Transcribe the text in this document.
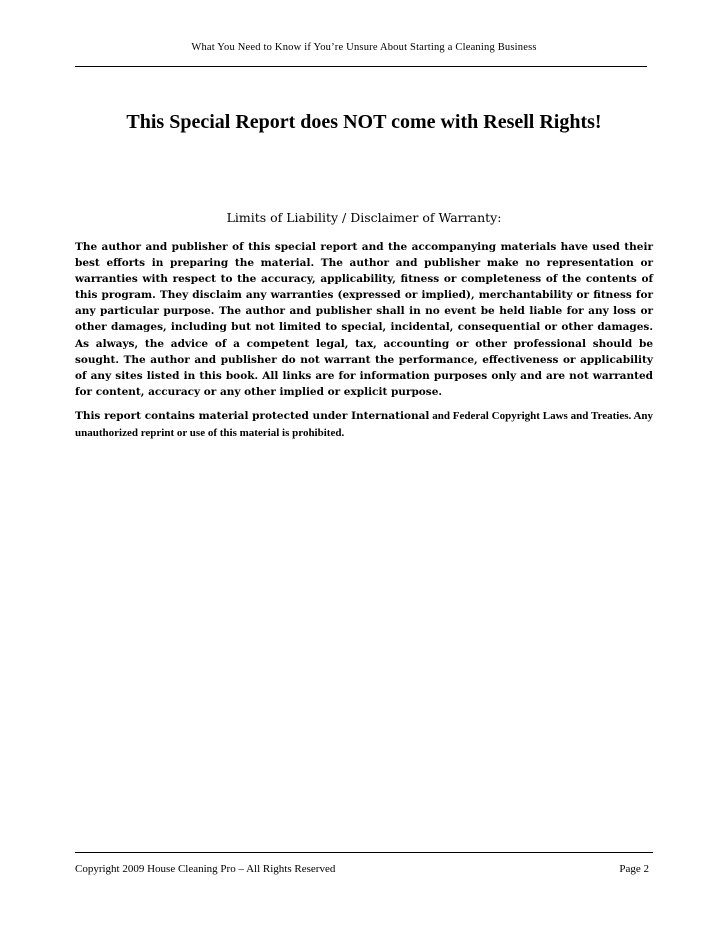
What You Need to Know if You’re Unsure About Starting a Cleaning Business
This Special Report does NOT come with Resell Rights!
Limits of Liability / Disclaimer of Warranty:

The author and publisher of this special report and the accompanying materials have used their best efforts in preparing the material. The author and publisher make no representation or warranties with respect to the accuracy, applicability, fitness or completeness of the contents of this program. They disclaim any warranties (expressed or implied), merchantability or fitness for any particular purpose. The author and publisher shall in no event be held liable for any loss or other damages, including but not limited to special, incidental, consequential or other damages. As always, the advice of a competent legal, tax, accounting or other professional should be sought. The author and publisher do not warrant the performance, effectiveness or applicability of any sites listed in this book. All links are for information purposes only and are not warranted for content, accuracy or any other implied or explicit purpose.

This report contains material protected under International and Federal Copyright Laws and Treaties. Any unauthorized reprint or use of this material is prohibited.

Copyright 2009 House Cleaning Pro – All Rights Reserved	Page 2
